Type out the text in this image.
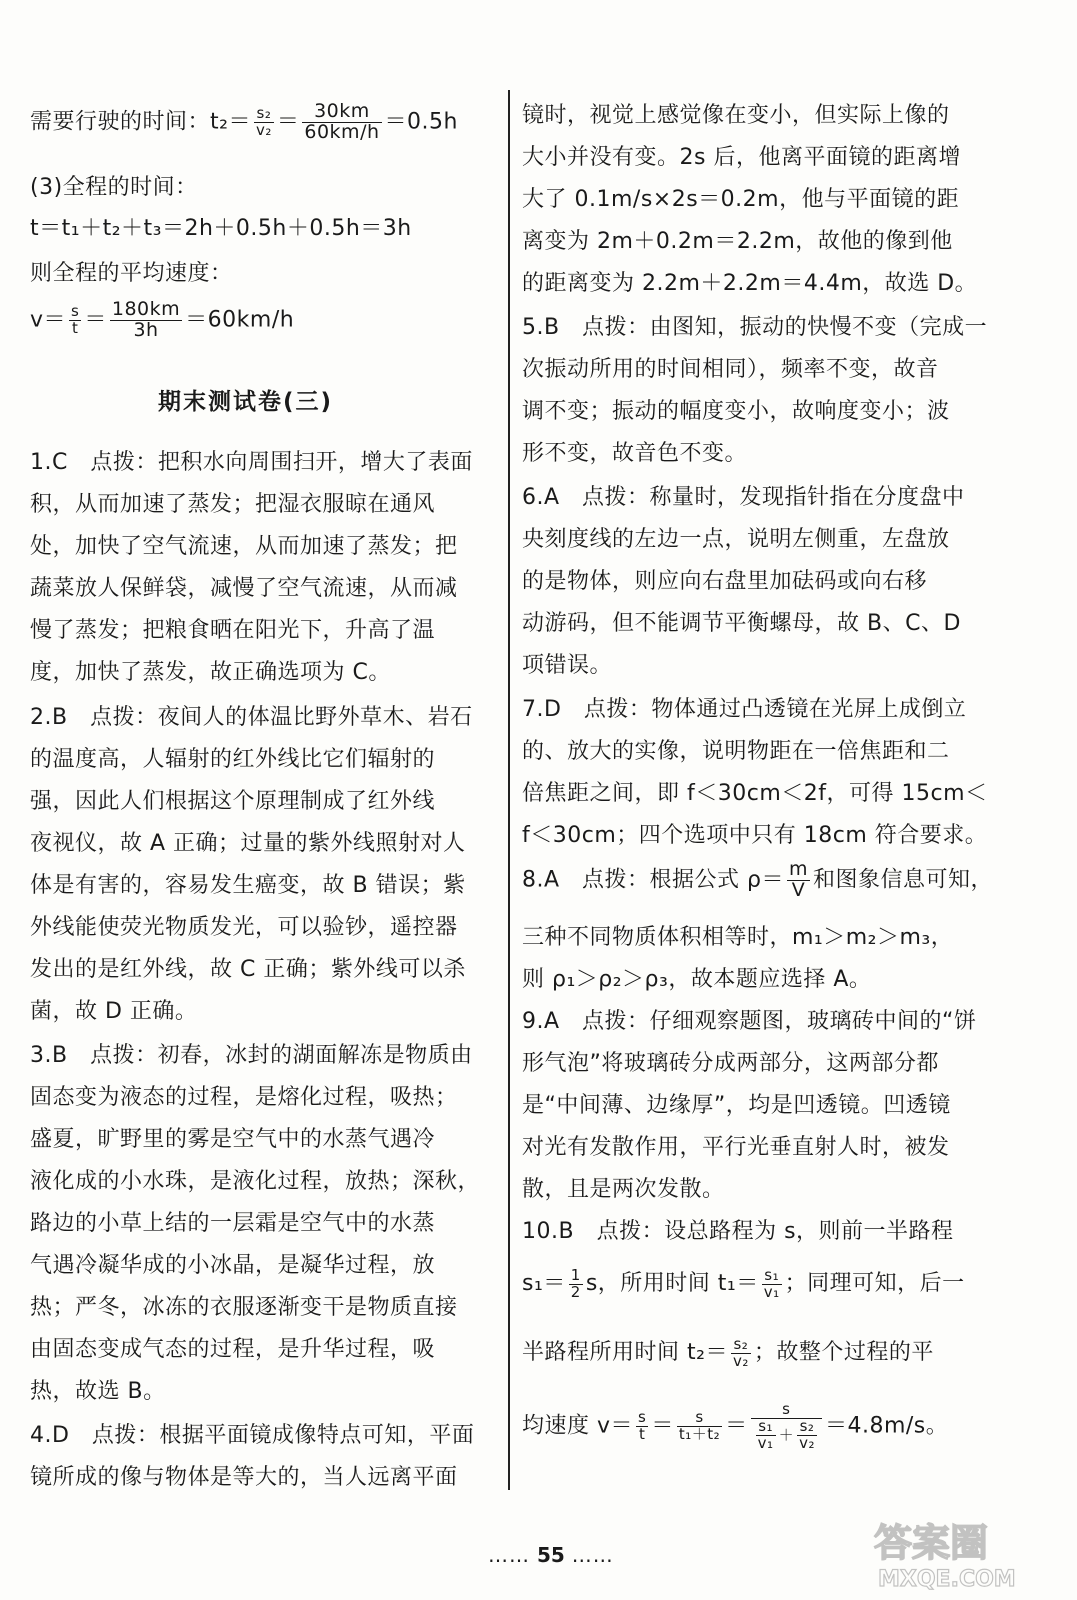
需要行驶的时间：$t_2= \frac{\text{s₂}}{\text{v₂}} = \frac{30km}{60km/h} =0.5h$
(3)全程的时间：
t＝t₁＋t₂＋t₃＝2h＋0.5h＋0.5h＝3h
则全程的平均速度：
$v= \frac{s}{t} = \frac{180km}{3h} =60km/h$
期末测试卷(三)
1.C　点拨：把积水向周围扫开，增大了表面
积，从而加速了蒸发；把湿衣服晾在通风
处，加快了空气流速，从而加速了蒸发；把
蔬菜放人保鲜袋，减慢了空气流速，从而减
慢了蒸发；把粮食晒在阳光下，升高了温
度，加快了蒸发，故正确选项为 C。
2.B　点拨：夜间人的体温比野外草木、岩石
的温度高，人辐射的红外线比它们辐射的
强，因此人们根据这个原理制成了红外线
夜视仪，故 A 正确；过量的紫外线照射对人
体是有害的，容易发生癌变，故 B 错误；紫
外线能使荧光物质发光，可以验钞，遥控器
发出的是红外线，故 C 正确；紫外线可以杀
菌，故 D 正确。
3.B　点拨：初春，冰封的湖面解冻是物质由
固态变为液态的过程，是熔化过程，吸热；
盛夏，旷野里的雾是空气中的水蒸气遇冷
液化成的小水珠，是液化过程，放热；深秋，
路边的小草上结的一层霜是空气中的水蒸
气遇冷凝华成的小冰晶，是凝华过程，放
热；严冬，冰冻的衣服逐渐变干是物质直接
由固态变成气态的过程，是升华过程，吸
热，故选 B。
4.D　点拨：根据平面镜成像特点可知，平面
镜所成的像与物体是等大的，当人远离平面
镜时，视觉上感觉像在变小，但实际上像的
大小并没有变。2s 后，他离平面镜的距离增
大了 0.1m/s×2s＝0.2m，他与平面镜的距
离变为 2m＋0.2m＝2.2m，故他的像到他
的距离变为 2.2m＋2.2m＝4.4m，故选 D。
5.B　点拨：由图知，振动的快慢不变（完成一
次振动所用的时间相同），频率不变，故音
调不变；振动的幅度变小，故响度变小；波
形不变，故音色不变。
6.A　点拨：称量时，发现指针指在分度盘中
央刻度线的左边一点，说明左侧重，左盘放
的是物体，则应向右盘里加砝码或向右移
动游码，但不能调节平衡螺母，故 B、C、D
项错误。
7.D　点拨：物体通过凸透镜在光屏上成倒立
的、放大的实像，说明物距在一倍焦距和二
倍焦距之间，即 f＜30cm＜2f，可得 15cm＜
f＜30cm；四个选项中只有 18cm 符合要求。
8.A　点拨：根据公式 $\rho= \frac{m}{V}$ 和图象信息可知，
三种不同物质体积相等时，m₁＞m₂＞m₃，
则 ρ₁＞ρ₂＞ρ₃，故本题应选择 A。
9.A　点拨：仔细观察题图，玻璃砖中间的“饼
形气泡”将玻璃砖分成两部分，这两部分都
是“中间薄、边缘厚”，均是凹透镜。凹透镜
对光有发散作用，平行光垂直射人时，被发
散，且是两次发散。
10.B　点拨：设总路程为 s，则前一半路程
$s_1= \frac{1}{2}$ s，所用时间 $t_1= \frac{\text{s₁}}{\text{v₁}}$ ；同理可知，后一
半路程所用时间 $t_2= \frac{\text{s₂}}{\text{v₂}}$ ；故整个过程的平
均速度 $v= \frac{s}{t} = \frac{s}{\text{t₁＋t₂}} = \frac{s}{\frac{\text{s₁}}{\text{v₁}} + \frac{\text{s₂}}{\text{v₂}}} =4.8m/s$。
…… 55 ……	答案圈
MXQE.COM
